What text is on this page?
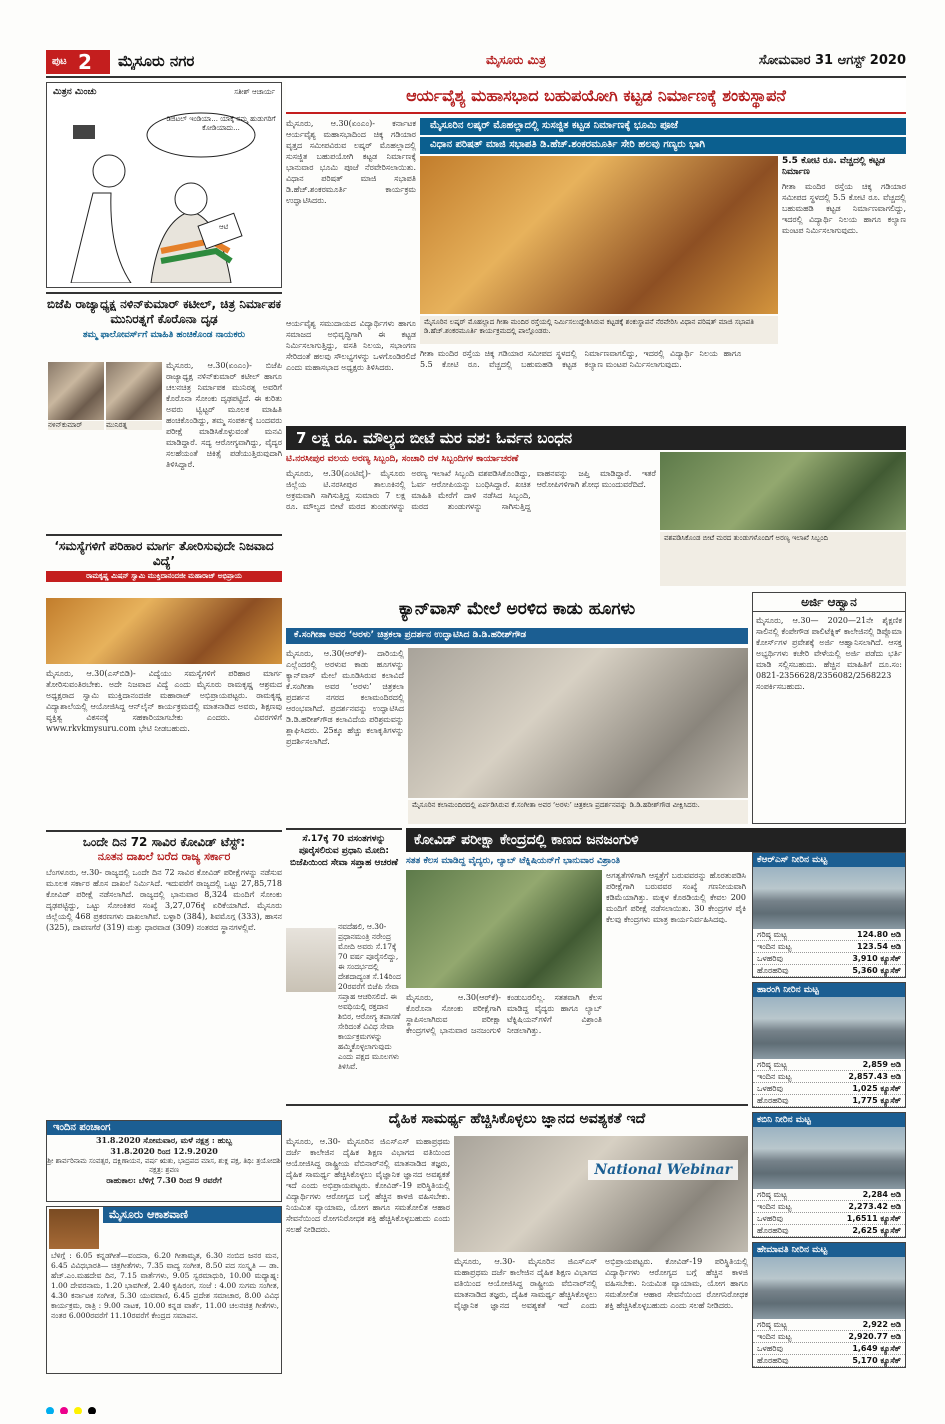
ಪುಟ 2 ಮೈಸೂರು ನಗರ	ಮೈಸೂರು ಮಿತ್ರ	ಸೋಮವಾರ 31 ಆಗಸ್ಟ್ 2020
ಮಿತ್ರನ ಮಿಂಚು	ಸತೀಶ್ ಆಚಾರ್ಯ
ಡಿಜಿಟಲ್ ಇಂಡಿಯಾ... ಯಾಕ್ಕೆ ನಮ್ಮ ಹುಡುಗರಿಗೆ ಕೋಡಿಯಾದು...
ಆಟಿ
ಆರ್ಯವೈಶ್ಯ ಮಹಾಸಭಾದ ಬಹುಪಯೋಗಿ ಕಟ್ಟಡ ನಿರ್ಮಾಣಕ್ಕೆ ಶಂಕುಸ್ಥಾಪನೆ
ಮೈಸೂರು, ಆ.30(ಏಂಎಂ)- ಕರ್ನಾಟಕ ಆರ್ಯವೈಶ್ಯ ಮಹಾಸಭಾದಿಂದ ಚಿಕ್ಕ ಗಡಿಯಾರ ವೃತ್ತದ ಸಮೀಪವಿರುವ ಲಷ್ಕರ್ ಮೊಹಲ್ಲಾದಲ್ಲಿ ಸುಸಜ್ಜಿತ ಬಹುಪಯೋಗಿ ಕಟ್ಟಡ ನಿರ್ಮಾಣಕ್ಕೆ ಭಾನುವಾರ ಭೂಮಿ ಪೂಜೆ ನೆರವೇರಿಸಲಾಯಿತು. ವಿಧಾನ ಪರಿಷತ್ ಮಾಜಿ ಸಭಾಪತಿ ಡಿ.ಹೆಚ್.ಶಂಕರಮೂರ್ತಿ ಕಾರ್ಯಕ್ರಮ ಉದ್ಘಾಟಿಸಿದರು.
ಮೈಸೂರಿನ ಲಷ್ಕರ್ ಮೊಹಲ್ಲಾದಲ್ಲಿ ಸುಸಜ್ಜಿತ ಕಟ್ಟಡ ನಿರ್ಮಾಣಕ್ಕೆ ಭೂಮಿ ಪೂಜೆ
ವಿಧಾನ ಪರಿಷತ್ ಮಾಜಿ ಸಭಾಪತಿ ಡಿ.ಹೆಚ್.ಶಂಕರಮೂರ್ತಿ ಸೇರಿ ಹಲವು ಗಣ್ಯರು ಭಾಗಿ
ಮೈಸೂರಿನ ಲಷ್ಕರ್ ಮೊಹಲ್ಲಾದ ಗೀತಾ ಮಂದಿರ ರಸ್ತೆಯಲ್ಲಿ ನಿರ್ಮಿಸಲುದ್ದೇಶಿಸಿರುವ ಕಟ್ಟಡಕ್ಕೆ ಶಂಕುಸ್ಥಾಪನೆ ನೆರವೇರಿಸಿ ವಿಧಾನ ಪರಿಷತ್ ಮಾಜಿ ಸಭಾಪತಿ ಡಿ.ಹೆಚ್.ಶಂಕರಮೂರ್ತಿ ಕಾರ್ಯಕ್ರಮದಲ್ಲಿ ಪಾಲ್ಗೊಂಡರು.
5.5 ಕೋಟಿ ರೂ. ವೆಚ್ಚದಲ್ಲಿ ಕಟ್ಟಡ ನಿರ್ಮಾಣ
ಗೀತಾ ಮಂದಿರ ರಸ್ತೆಯ ಚಿಕ್ಕ ಗಡಿಯಾರ ಸಮೀಪದ ಸ್ಥಳದಲ್ಲಿ 5.5 ಕೋಟಿ ರೂ. ವೆಚ್ಚದಲ್ಲಿ ಬಹುಮಹಡಿ ಕಟ್ಟಡ ನಿರ್ಮಾಣವಾಗಲಿದ್ದು, ಇದರಲ್ಲಿ ವಿದ್ಯಾರ್ಥಿ ನಿಲಯ ಹಾಗೂ ಕಲ್ಯಾಣ ಮಂಟಪ ನಿರ್ಮಿಸಲಾಗುವುದು.
ಆರ್ಯವೈಶ್ಯ ಸಮುದಾಯದ ವಿದ್ಯಾರ್ಥಿಗಳು ಹಾಗೂ ಸಮಾಜದ ಅಭಿವೃದ್ಧಿಗಾಗಿ ಈ ಕಟ್ಟಡ ನಿರ್ಮಿಸಲಾಗುತ್ತಿದ್ದು, ವಸತಿ ನಿಲಯ, ಸಭಾಂಗಣ ಸೇರಿದಂತೆ ಹಲವು ಸೌಲಭ್ಯಗಳನ್ನು ಒಳಗೊಂಡಿರಲಿದೆ ಎಂದು ಮಹಾಸಭಾದ ಅಧ್ಯಕ್ಷರು ತಿಳಿಸಿದರು.
ಗೀತಾ ಮಂದಿರ ರಸ್ತೆಯ ಚಿಕ್ಕ ಗಡಿಯಾರ ಸಮೀಪದ ಸ್ಥಳದಲ್ಲಿ 5.5 ಕೋಟಿ ರೂ. ವೆಚ್ಚದಲ್ಲಿ ಬಹುಮಹಡಿ ಕಟ್ಟಡ ನಿರ್ಮಾಣವಾಗಲಿದ್ದು, ಇದರಲ್ಲಿ ವಿದ್ಯಾರ್ಥಿ ನಿಲಯ ಹಾಗೂ ಕಲ್ಯಾಣ ಮಂಟಪ ನಿರ್ಮಿಸಲಾಗುವುದು.
ಬಿಜೆಪಿ ರಾಜ್ಯಾಧ್ಯಕ್ಷ ನಳಿನ್‌ಕುಮಾರ್ ಕಟೀಲ್, ಚಿತ್ರ ನಿರ್ಮಾಪಕ ಮುನಿರತ್ನಗೆ ಕೊರೊನಾ ದೃಢ
ತಮ್ಮ ಫಾಲೋವರ್ಸ್‌ಗೆ ಮಾಹಿತಿ ಹಂಚಿಕೊಂಡ ನಾಯಕರು
ನಳಿನ್‌ಕುಮಾರ್	ಮುನಿರತ್ನ
ಮೈಸೂರು, ಆ.30(ಏಂಎಂ)- ಬಿಜೆಪಿ ರಾಜ್ಯಾಧ್ಯಕ್ಷ ನಳಿನ್‌ಕುಮಾರ್ ಕಟೀಲ್ ಹಾಗೂ ಚಲನಚಿತ್ರ ನಿರ್ಮಾಪಕ ಮುನಿರತ್ನ ಅವರಿಗೆ ಕೊರೊನಾ ಸೋಂಕು ದೃಢಪಟ್ಟಿದೆ. ಈ ಕುರಿತು ಅವರು ಟ್ವಿಟ್ಟರ್ ಮೂಲಕ ಮಾಹಿತಿ ಹಂಚಿಕೊಂಡಿದ್ದು, ತಮ್ಮ ಸಂಪರ್ಕಕ್ಕೆ ಬಂದವರು ಪರೀಕ್ಷೆ ಮಾಡಿಸಿಕೊಳ್ಳುವಂತೆ ಮನವಿ ಮಾಡಿದ್ದಾರೆ. ಸದ್ಯ ಆರೋಗ್ಯವಾಗಿದ್ದು, ವೈದ್ಯರ ಸಲಹೆಯಂತೆ ಚಿಕಿತ್ಸೆ ಪಡೆಯುತ್ತಿರುವುದಾಗಿ ತಿಳಿಸಿದ್ದಾರೆ.
‘ಸಮಸ್ಯೆಗಳಿಗೆ ಪರಿಹಾರ ಮಾರ್ಗ ತೋರಿಸುವುದೇ ನಿಜವಾದ ವಿದ್ಯೆ’
ರಾಮಕೃಷ್ಣ ಮಿಷನ್ ಸ್ವಾಮಿ ಮುಕ್ತಿದಾನಂದಜೀ ಮಹಾರಾಜ್ ಅಭಿಪ್ರಾಯ
ಮೈಸೂರು, ಆ.30(ಎಸ್‌ಬಿಡಿ)- ವಿದ್ಯೆಯು ಸಮಸ್ಯೆಗಳಿಗೆ ಪರಿಹಾರ ಮಾರ್ಗ ತೋರಿಸುವಂತಿರಬೇಕು. ಅದೇ ನಿಜವಾದ ವಿದ್ಯೆ ಎಂದು ಮೈಸೂರು ರಾಮಕೃಷ್ಣ ಆಶ್ರಮದ ಅಧ್ಯಕ್ಷರಾದ ಸ್ವಾಮಿ ಮುಕ್ತಿದಾನಂದಜೀ ಮಹಾರಾಜ್ ಅಭಿಪ್ರಾಯಪಟ್ಟರು. ರಾಮಕೃಷ್ಣ ವಿದ್ಯಾಶಾಲೆಯಲ್ಲಿ ಆಯೋಜಿಸಿದ್ದ ಆನ್‌ಲೈನ್ ಕಾರ್ಯಕ್ರಮದಲ್ಲಿ ಮಾತನಾಡಿದ ಅವರು, ಶಿಕ್ಷಣವು ವ್ಯಕ್ತಿತ್ವ ವಿಕಸನಕ್ಕೆ ಸಹಕಾರಿಯಾಗಬೇಕು ಎಂದರು. ವಿವರಗಳಿಗೆ www.rkvkmysuru.com ಭೇಟಿ ನೀಡಬಹುದು.
ಒಂದೇ ದಿನ 72 ಸಾವಿರ ಕೋವಿಡ್ ಟೆಸ್ಟ್:
ನೂತನ ದಾಖಲೆ ಬರೆದ ರಾಜ್ಯ ಸರ್ಕಾರ
ಬೆಂಗಳೂರು, ಆ.30- ರಾಜ್ಯದಲ್ಲಿ ಒಂದೇ ದಿನ 72 ಸಾವಿರ ಕೋವಿಡ್ ಪರೀಕ್ಷೆಗಳನ್ನು ನಡೆಸುವ ಮೂಲಕ ಸರ್ಕಾರ ಹೊಸ ದಾಖಲೆ ನಿರ್ಮಿಸಿದೆ. ಇದುವರೆಗೆ ರಾಜ್ಯದಲ್ಲಿ ಒಟ್ಟು 27,85,718 ಕೋವಿಡ್ ಪರೀಕ್ಷೆ ನಡೆಸಲಾಗಿದೆ. ರಾಜ್ಯದಲ್ಲಿ ಭಾನುವಾರ 8,324 ಮಂದಿಗೆ ಸೋಂಕು ದೃಢಪಟ್ಟಿದ್ದು, ಒಟ್ಟು ಸೋಂಕಿತರ ಸಂಖ್ಯೆ 3,27,076ಕ್ಕೆ ಏರಿಕೆಯಾಗಿದೆ. ಮೈಸೂರು ಜಿಲ್ಲೆಯಲ್ಲಿ 468 ಪ್ರಕರಣಗಳು ದಾಖಲಾಗಿವೆ. ಬಳ್ಳಾರಿ (384), ಶಿವಮೊಗ್ಗ (333), ಹಾಸನ (325), ದಾವಣಗೆರೆ (319) ಮತ್ತು ಧಾರವಾಡ (309) ನಂತರದ ಸ್ಥಾನಗಳಲ್ಲಿವೆ.
ಇಂದಿನ ಪಂಚಾಂಗ
31.8.2020 ಸೋಮವಾರ, ಮಳೆ ನಕ್ಷತ್ರ : ಹುಬ್ಬ
31.8.2020 ರಿಂದ 12.9.2020
ಶ್ರೀ ಶಾರ್ವರಿನಾಮ ಸಂವತ್ಸರ, ದಕ್ಷಿಣಾಯನ, ವರ್ಷ ಋತು, ಭಾದ್ರಪದ ಮಾಸ, ಶುಕ್ಲ ಪಕ್ಷ, ತಿಥಿ: ತ್ರಯೋದಶಿ ನಕ್ಷತ್ರ: ಶ್ರವಣ
ರಾಹುಕಾಲ: ಬೆಳಿಗ್ಗೆ 7.30 ರಿಂದ 9 ರವರೆಗೆ
ಮೈಸೂರು ಆಕಾಶವಾಣಿ
ಬೆಳಿಗ್ಗೆ : 6.05 ಕನ್ನಡಗೀತೆ—ವಂದನಾ, 6.20 ಗೀತಾಮೃತ, 6.30 ನಂಬಿದ ಜನರ ಮನ, 6.45 ವಿವಿಧಭಾರತಿ— ಚಿತ್ರಗೀತೆಗಳು, 7.35 ವಾದ್ಯ ಸಂಗೀತ, 8.50 ಪದ ಸಂಸ್ಕೃತಿ — ಡಾ. ಹೆಚ್.ಎಂ.ಮಹದೇವ ದಿನ, 7.15 ವಾರ್ತೆಗಳು, 9.05 ಸ್ವರಮಾಧುರಿ, 10.00 ಮಧ್ಯಾಹ್ನ: 1.00 ದೇವರನಾಮ, 1.20 ಭಾವಗೀತೆ, 2.40 ಕೃಷಿರಂಗ, ಸಂಜೆ : 4.00 ಸುಗಮ ಸಂಗೀತ, 4.30 ಕರ್ನಾಟಕ ಸಂಗೀತ, 5.30 ಯುವವಾಣಿ, 6.45 ಪ್ರದೇಶ ಸಮಾಚಾರ, 8.00 ವಿವಿಧ ಕಾರ್ಯಕ್ರಮ, ರಾತ್ರಿ : 9.00 ನಾಟಕ, 10.00 ಕನ್ನಡ ವಾರ್ತೆ, 11.00 ಚಲನಚಿತ್ರ ಗೀತೆಗಳು, ನಂತರ 6.000ರವರೆಗೆ 11.10ರವರೆಗೆ ಕೇಂದ್ರದ ಸಮಾಪನ.
7 ಲಕ್ಷ ರೂ. ಮೌಲ್ಯದ ಬೀಟೆ ಮರ ವಶ: ಓರ್ವನ ಬಂಧನ
ಟಿ.ನರಸೀಪುರ ವಲಯ ಅರಣ್ಯ ಸಿಬ್ಬಂದಿ, ಸಂಚಾರಿ ದಳ ಸಿಬ್ಬಂದಿಗಳ ಕಾರ್ಯಾಚರಣೆ
ಮೈಸೂರು, ಆ.30(ಎಂಟಿವೈ)- ಮೈಸೂರು ಜಿಲ್ಲೆಯ ಟಿ.ನರಸೀಪುರ ತಾಲೂಕಿನಲ್ಲಿ ಅಕ್ರಮವಾಗಿ ಸಾಗಿಸುತ್ತಿದ್ದ ಸುಮಾರು 7 ಲಕ್ಷ ರೂ. ಮೌಲ್ಯದ ಬೀಟೆ ಮರದ ತುಂಡುಗಳನ್ನು ಅರಣ್ಯ ಇಲಾಖೆ ಸಿಬ್ಬಂದಿ ವಶಪಡಿಸಿಕೊಂಡಿದ್ದು, ಓರ್ವ ಆರೋಪಿಯನ್ನು ಬಂಧಿಸಿದ್ದಾರೆ. ಖಚಿತ ಮಾಹಿತಿ ಮೇರೆಗೆ ದಾಳಿ ನಡೆಸಿದ ಸಿಬ್ಬಂದಿ, ಮರದ ತುಂಡುಗಳನ್ನು ಸಾಗಿಸುತ್ತಿದ್ದ ವಾಹನವನ್ನು ಜಪ್ತಿ ಮಾಡಿದ್ದಾರೆ. ಇತರೆ ಆರೋಪಿಗಳಿಗಾಗಿ ಶೋಧ ಮುಂದುವರೆದಿದೆ.
ವಶಪಡಿಸಿಕೊಂಡ ಬೀಟೆ ಮರದ ತುಂಡುಗಳೊಂದಿಗೆ ಅರಣ್ಯ ಇಲಾಖೆ ಸಿಬ್ಬಂದಿ
ಕ್ಯಾನ್‌ವಾಸ್ ಮೇಲೆ ಅರಳಿದ ಕಾಡು ಹೂಗಳು
ಕೆ.ಸಂಗೀತಾ ಅವರ ‘ಅರಳು’ ಚಿತ್ರಕಲಾ ಪ್ರದರ್ಶನ ಉದ್ಘಾಟಿಸಿದ ಡಿ.ಡಿ.ಹರೀಶ್‌ಗೌಡ
ಮೈಸೂರು, ಆ.30(ಆರ್‌ಕೆ)- ದಾರಿಯಲ್ಲಿ ಎಲ್ಲೆಂದರಲ್ಲಿ ಅರಳುವ ಕಾಡು ಹೂಗಳನ್ನು ಕ್ಯಾನ್‌ವಾಸ್ ಮೇಲೆ ಮೂಡಿಸಿರುವ ಕಲಾವಿದೆ ಕೆ.ಸಂಗೀತಾ ಅವರ ‘ಅರಳು’ ಚಿತ್ರಕಲಾ ಪ್ರದರ್ಶನ ನಗರದ ಕಲಾಮಂದಿರದಲ್ಲಿ ಆರಂಭವಾಗಿದೆ. ಪ್ರದರ್ಶನವನ್ನು ಉದ್ಘಾಟಿಸಿದ ಡಿ.ಡಿ.ಹರೀಶ್‌ಗೌಡ ಕಲಾವಿದೆಯ ಪರಿಶ್ರಮವನ್ನು ಶ್ಲಾಘಿಸಿದರು. 25ಕ್ಕೂ ಹೆಚ್ಚು ಕಲಾಕೃತಿಗಳನ್ನು ಪ್ರದರ್ಶಿಸಲಾಗಿದೆ.
ಮೈಸೂರಿನ ಕಲಾಮಂದಿರದಲ್ಲಿ ಏರ್ಪಡಿಸಿರುವ ಕೆ.ಸಂಗೀತಾ ಅವರ ‘ಅರಳು’ ಚಿತ್ರಕಲಾ ಪ್ರದರ್ಶನವನ್ನು ಡಿ.ಡಿ.ಹರೀಶ್‌ಗೌಡ ವೀಕ್ಷಿಸಿದರು.
ಅರ್ಜಿ ಆಹ್ವಾನ
ಮೈಸೂರು, ಆ.30— 2020—21ನೇ ಶೈಕ್ಷಣಿಕ ಸಾಲಿನಲ್ಲಿ ಕೆಂಪೇಗೌಡ ಪಾಲಿಟೆಕ್ನಿಕ್ ಕಾಲೇಜಿನಲ್ಲಿ ಡಿಪ್ಲೊಮಾ ಕೋರ್ಸ್‌ಗಳ ಪ್ರವೇಶಕ್ಕೆ ಅರ್ಜಿ ಆಹ್ವಾನಿಸಲಾಗಿದೆ. ಆಸಕ್ತ ಅಭ್ಯರ್ಥಿಗಳು ಕಚೇರಿ ವೇಳೆಯಲ್ಲಿ ಅರ್ಜಿ ಪಡೆದು ಭರ್ತಿ ಮಾಡಿ ಸಲ್ಲಿಸಬಹುದು. ಹೆಚ್ಚಿನ ಮಾಹಿತಿಗೆ ದೂ.ಸಂ: 0821-2356628/2356082/2568223 ಸಂಪರ್ಕಿಸಬಹುದು.
ಸೆ.17ಕ್ಕೆ 70 ವಸಂತಗಳನ್ನು ಪೂರೈಸಲಿರುವ ಪ್ರಧಾನಿ ಮೋದಿ: ಬಿಜೆಪಿಯಿಂದ ಸೇವಾ ಸಪ್ತಾಹ ಆಚರಣೆ
ನವದೆಹಲಿ, ಆ.30- ಪ್ರಧಾನಮಂತ್ರಿ ನರೇಂದ್ರ ಮೋದಿ ಅವರು ಸೆ.17ಕ್ಕೆ 70 ವರ್ಷ ಪೂರೈಸಲಿದ್ದು, ಈ ಸಂದರ್ಭದಲ್ಲಿ ದೇಶದಾದ್ಯಂತ ಸೆ.14ರಿಂದ 20ರವರೆಗೆ ಬಿಜೆಪಿ ಸೇವಾ ಸಪ್ತಾಹ ಆಚರಿಸಲಿದೆ. ಈ ಅವಧಿಯಲ್ಲಿ ರಕ್ತದಾನ ಶಿಬಿರ, ಆರೋಗ್ಯ ತಪಾಸಣೆ ಸೇರಿದಂತೆ ವಿವಿಧ ಸೇವಾ ಕಾರ್ಯಕ್ರಮಗಳನ್ನು ಹಮ್ಮಿಕೊಳ್ಳಲಾಗುವುದು ಎಂದು ಪಕ್ಷದ ಮೂಲಗಳು ತಿಳಿಸಿವೆ.
ಕೋವಿಡ್ ಪರೀಕ್ಷಾ ಕೇಂದ್ರದಲ್ಲಿ ಕಾಣದ ಜನಜಂಗುಳಿ
ಸತತ ಕೆಲಸ ಮಾಡಿದ್ದ ವೈದ್ಯರು, ಲ್ಯಾಬ್ ಟೆಕ್ನಿಷಿಯನ್‌ಗೆ ಭಾನುವಾರ ವಿಶ್ರಾಂತಿ
ಮೈಸೂರು, ಆ.30(ಆರ್‌ಕೆ)- ಕೊರೊನಾ ಸೋಂಕು ಪರೀಕ್ಷೆಗಾಗಿ ಸ್ಥಾಪಿಸಲಾಗಿರುವ ಪರೀಕ್ಷಾ ಕೇಂದ್ರಗಳಲ್ಲಿ ಭಾನುವಾರ ಜನಜಂಗುಳಿ ಕಂಡುಬರಲಿಲ್ಲ. ಸತತವಾಗಿ ಕೆಲಸ ಮಾಡಿದ್ದ ವೈದ್ಯರು ಹಾಗೂ ಲ್ಯಾಬ್ ಟೆಕ್ನಿಷಿಯನ್‌ಗಳಿಗೆ ವಿಶ್ರಾಂತಿ ನೀಡಲಾಗಿತ್ತು.
ಅಗತ್ಯತೆಗಳಿಗಾಗಿ ಆಸ್ಪತ್ರೆಗೆ ಬರುವವರನ್ನು ಹೊರತುಪಡಿಸಿ ಪರೀಕ್ಷೆಗಾಗಿ ಬರುವವರ ಸಂಖ್ಯೆ ಗಣನೀಯವಾಗಿ ಕಡಿಮೆಯಾಗಿತ್ತು. ಮಕ್ಕಳ ಕೊಠಡಿಯಲ್ಲಿ ಕೇವಲ 200 ಮಂದಿಗೆ ಪರೀಕ್ಷೆ ನಡೆಸಲಾಯಿತು. 30 ಕೇಂದ್ರಗಳ ಪೈಕಿ ಕೆಲವು ಕೇಂದ್ರಗಳು ಮಾತ್ರ ಕಾರ್ಯನಿರ್ವಹಿಸಿದವು.
ಕೆಆರ್‌ಎಸ್ ನೀರಿನ ಮಟ್ಟ
ಗರಿಷ್ಠ ಮಟ್ಟ	124.80 ಅಡಿ
ಇಂದಿನ ಮಟ್ಟ	123.54 ಅಡಿ
ಒಳಹರಿವು	3,910 ಕ್ಯೂಸೆಕ್
ಹೊರಹರಿವು	5,360 ಕ್ಯೂಸೆಕ್
ಹಾರಂಗಿ ನೀರಿನ ಮಟ್ಟ
ಗರಿಷ್ಠ ಮಟ್ಟ	2,859 ಅಡಿ
ಇಂದಿನ ಮಟ್ಟ	2,857.43 ಅಡಿ
ಒಳಹರಿವು	1,025 ಕ್ಯೂಸೆಕ್
ಹೊರಹರಿವು	1,775 ಕ್ಯೂಸೆಕ್
ಕಬಿನಿ ನೀರಿನ ಮಟ್ಟ
ಗರಿಷ್ಠ ಮಟ್ಟ	2,284 ಅಡಿ
ಇಂದಿನ ಮಟ್ಟ	2,273.42 ಅಡಿ
ಒಳಹರಿವು	1,6511 ಕ್ಯೂಸೆಕ್
ಹೊರಹರಿವು	2,625 ಕ್ಯೂಸೆಕ್
ಹೇಮಾವತಿ ನೀರಿನ ಮಟ್ಟ
ಗರಿಷ್ಠ ಮಟ್ಟ	2,922 ಅಡಿ
ಇಂದಿನ ಮಟ್ಟ	2,920.77 ಅಡಿ
ಒಳಹರಿವು	1,649 ಕ್ಯೂಸೆಕ್
ಹೊರಹರಿವು	5,170 ಕ್ಯೂಸೆಕ್
ದೈಹಿಕ ಸಾಮರ್ಥ್ಯ ಹೆಚ್ಚಿಸಿಕೊಳ್ಳಲು ಜ್ಞಾನದ ಅವಶ್ಯಕತೆ ಇದೆ
ಮೈಸೂರು, ಆ.30- ಮೈಸೂರಿನ ಜಿಎಸ್‌ಎಸ್ ಮಹಾಪ್ರಥಮ ದರ್ಜೆ ಕಾಲೇಜಿನ ದೈಹಿಕ ಶಿಕ್ಷಣ ವಿಭಾಗದ ವತಿಯಿಂದ ಆಯೋಜಿಸಿದ್ದ ರಾಷ್ಟ್ರೀಯ ವೆಬಿನಾರ್‌ನಲ್ಲಿ ಮಾತನಾಡಿದ ತಜ್ಞರು, ದೈಹಿಕ ಸಾಮರ್ಥ್ಯ ಹೆಚ್ಚಿಸಿಕೊಳ್ಳಲು ವೈಜ್ಞಾನಿಕ ಜ್ಞಾನದ ಅವಶ್ಯಕತೆ ಇದೆ ಎಂದು ಅಭಿಪ್ರಾಯಪಟ್ಟರು. ಕೋವಿಡ್-19 ಪರಿಸ್ಥಿತಿಯಲ್ಲಿ ವಿದ್ಯಾರ್ಥಿಗಳು ಆರೋಗ್ಯದ ಬಗ್ಗೆ ಹೆಚ್ಚಿನ ಕಾಳಜಿ ವಹಿಸಬೇಕು. ನಿಯಮಿತ ವ್ಯಾಯಾಮ, ಯೋಗ ಹಾಗೂ ಸಮತೋಲಿತ ಆಹಾರ ಸೇವನೆಯಿಂದ ರೋಗನಿರೋಧಕ ಶಕ್ತಿ ಹೆಚ್ಚಿಸಿಕೊಳ್ಳಬಹುದು ಎಂದು ಸಲಹೆ ನೀಡಿದರು.
National Webinar
ಮೈಸೂರು, ಆ.30- ಮೈಸೂರಿನ ಜಿಎಸ್‌ಎಸ್ ಮಹಾಪ್ರಥಮ ದರ್ಜೆ ಕಾಲೇಜಿನ ದೈಹಿಕ ಶಿಕ್ಷಣ ವಿಭಾಗದ ವತಿಯಿಂದ ಆಯೋಜಿಸಿದ್ದ ರಾಷ್ಟ್ರೀಯ ವೆಬಿನಾರ್‌ನಲ್ಲಿ ಮಾತನಾಡಿದ ತಜ್ಞರು, ದೈಹಿಕ ಸಾಮರ್ಥ್ಯ ಹೆಚ್ಚಿಸಿಕೊಳ್ಳಲು ವೈಜ್ಞಾನಿಕ ಜ್ಞಾನದ ಅವಶ್ಯಕತೆ ಇದೆ ಎಂದು ಅಭಿಪ್ರಾಯಪಟ್ಟರು. ಕೋವಿಡ್-19 ಪರಿಸ್ಥಿತಿಯಲ್ಲಿ ವಿದ್ಯಾರ್ಥಿಗಳು ಆರೋಗ್ಯದ ಬಗ್ಗೆ ಹೆಚ್ಚಿನ ಕಾಳಜಿ ವಹಿಸಬೇಕು. ನಿಯಮಿತ ವ್ಯಾಯಾಮ, ಯೋಗ ಹಾಗೂ ಸಮತೋಲಿತ ಆಹಾರ ಸೇವನೆಯಿಂದ ರೋಗನಿರೋಧಕ ಶಕ್ತಿ ಹೆಚ್ಚಿಸಿಕೊಳ್ಳಬಹುದು ಎಂದು ಸಲಹೆ ನೀಡಿದರು.
